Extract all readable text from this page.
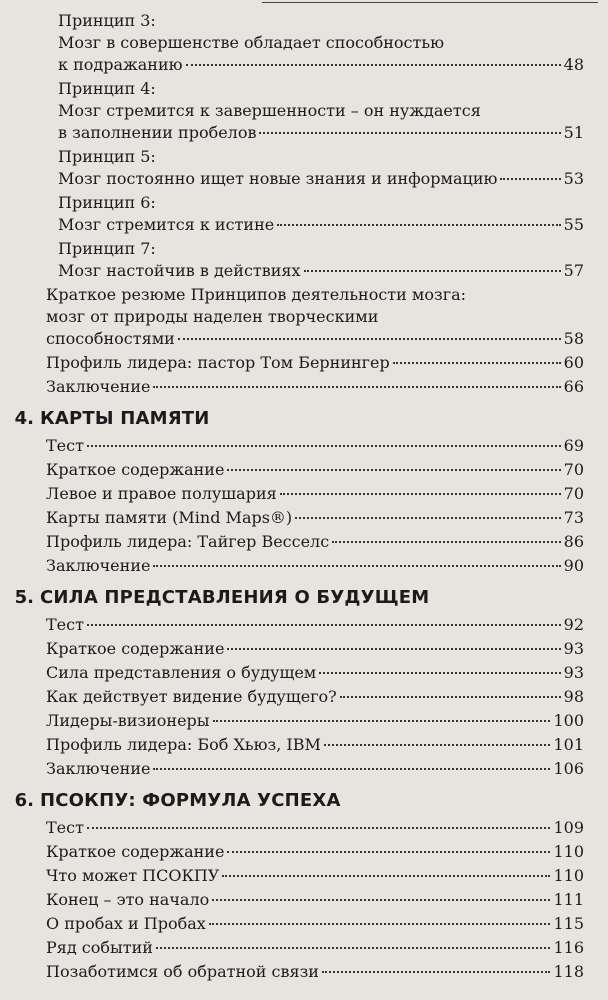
Принцип 3:
Мозг в совершенстве обладает способностью
к подражанию	48
Принцип 4:
Мозг стремится к завершенности – он нуждается
в заполнении пробелов	51
Принцип 5:
Мозг постоянно ищет новые знания и информацию	53
Принцип 6:
Мозг стремится к истине	55
Принцип 7:
Мозг настойчив в действиях	57
Краткое резюме Принципов деятельности мозга:
мозг от природы наделен творческими
способностями	58
Профиль лидера: пастор Том Бернингер	60
Заключение	66
4. КАРТЫ ПАМЯТИ
Тест	69
Краткое содержание	70
Левое и правое полушария	70
Карты памяти (Mind Maps®)	73
Профиль лидера: Тайгер Весселс	86
Заключение	90
5. СИЛА ПРЕДСТАВЛЕНИЯ О БУДУЩЕМ
Тест	92
Краткое содержание	93
Сила представления о будущем	93
Как действует видение будущего?	98
Лидеры-визионеры	100
Профиль лидера: Боб Хьюз, IBM	101
Заключение	106
6. ПСОКПУ: ФОРМУЛА УСПЕХА
Тест	109
Краткое содержание	110
Что может ПСОКПУ	110
Конец – это начало	111
О пробах и Пробах	115
Ряд событий	116
Позаботимся об обратной связи	118
